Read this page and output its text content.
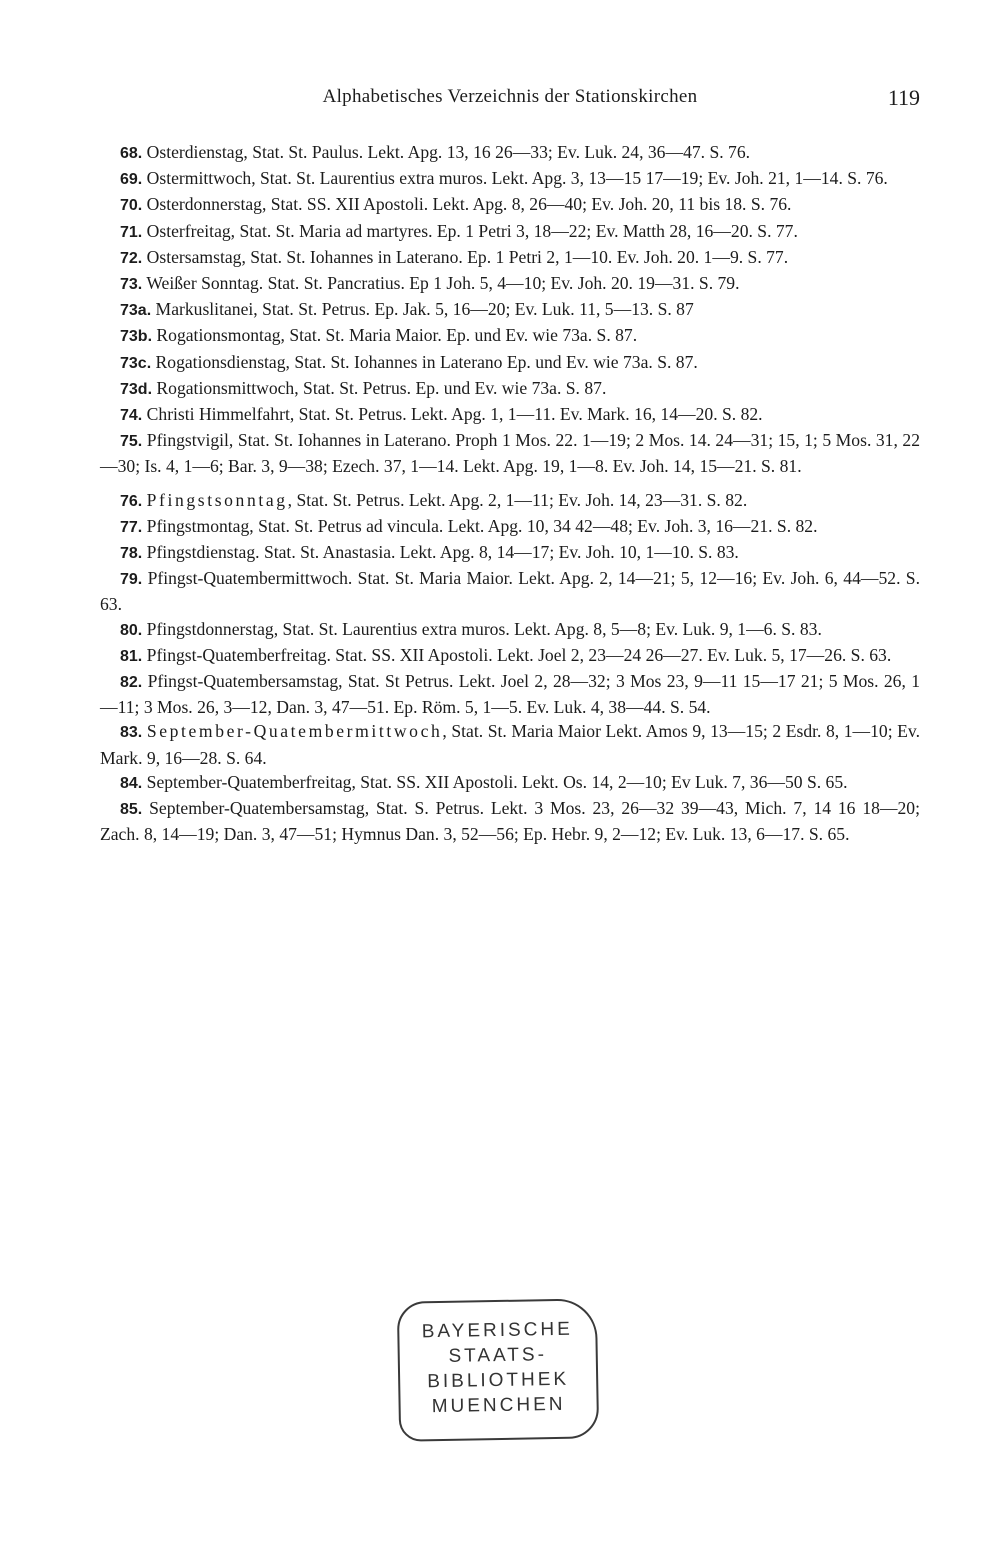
Alphabetisches Verzeichnis der Stationskirchen	119

68. Osterdienstag, Stat. St. Paulus. Lekt. Apg. 13, 16 26—33; Ev. Luk. 24, 36—47. S. 76.

69. Ostermittwoch, Stat. St. Laurentius extra muros. Lekt. Apg. 3, 13—15 17—19; Ev. Joh. 21, 1—14. S. 76.

70. Osterdonnerstag, Stat. SS. XII Apostoli. Lekt. Apg. 8, 26—40; Ev. Joh. 20, 11 bis 18. S. 76.

71. Osterfreitag, Stat. St. Maria ad martyres. Ep. 1 Petri 3, 18—22; Ev. Matth 28, 16—20. S. 77.

72. Ostersamstag, Stat. St. Iohannes in Laterano. Ep. 1 Petri 2, 1—10. Ev. Joh. 20. 1—9. S. 77.

73. Weißer Sonntag. Stat. St. Pancratius. Ep 1 Joh. 5, 4—10; Ev. Joh. 20. 19—31. S. 79.

73a. Markuslitanei, Stat. St. Petrus. Ep. Jak. 5, 16—20; Ev. Luk. 11, 5—13. S. 87

73b. Rogationsmontag, Stat. St. Maria Maior. Ep. und Ev. wie 73a. S. 87.

73c. Rogationsdienstag, Stat. St. Iohannes in Laterano Ep. und Ev. wie 73a. S. 87.

73d. Rogationsmittwoch, Stat. St. Petrus. Ep. und Ev. wie 73a. S. 87.

74. Christi Himmelfahrt, Stat. St. Petrus. Lekt. Apg. 1, 1—11. Ev. Mark. 16, 14—20. S. 82.

75. Pfingstvigil, Stat. St. Iohannes in Laterano. Proph 1 Mos. 22. 1—19; 2 Mos. 14. 24—31; 15, 1; 5 Mos. 31, 22—30; Is. 4, 1—6; Bar. 3, 9—38; Ezech. 37, 1—14. Lekt. Apg. 19, 1—8. Ev. Joh. 14, 15—21. S. 81.

76. Pfingstsonntag, Stat. St. Petrus. Lekt. Apg. 2, 1—11; Ev. Joh. 14, 23—31. S. 82.

77. Pfingstmontag, Stat. St. Petrus ad vincula. Lekt. Apg. 10, 34 42—48; Ev. Joh. 3, 16—21. S. 82.

78. Pfingstdienstag. Stat. St. Anastasia. Lekt. Apg. 8, 14—17; Ev. Joh. 10, 1—10. S. 83.

79. Pfingst-Quatembermittwoch. Stat. St. Maria Maior. Lekt. Apg. 2, 14—21; 5, 12—16; Ev. Joh. 6, 44—52. S. 63.

80. Pfingstdonnerstag, Stat. St. Laurentius extra muros. Lekt. Apg. 8, 5—8; Ev. Luk. 9, 1—6. S. 83.

81. Pfingst-Quatemberfreitag. Stat. SS. XII Apostoli. Lekt. Joel 2, 23—24 26—27. Ev. Luk. 5, 17—26. S. 63.

82. Pfingst-Quatembersamstag, Stat. St Petrus. Lekt. Joel 2, 28—32; 3 Mos 23, 9—11 15—17 21; 5 Mos. 26, 1—11; 3 Mos. 26, 3—12, Dan. 3, 47—51. Ep. Röm. 5, 1—5. Ev. Luk. 4, 38—44. S. 54.

83. September-Quatembermittwoch, Stat. St. Maria Maior Lekt. Amos 9, 13—15; 2 Esdr. 8, 1—10; Ev. Mark. 9, 16—28. S. 64.

84. September-Quatemberfreitag, Stat. SS. XII Apostoli. Lekt. Os. 14, 2—10; Ev Luk. 7, 36—50 S. 65.

85. September-Quatembersamstag, Stat. S. Petrus. Lekt. 3 Mos. 23, 26—32 39—43, Mich. 7, 14 16 18—20; Zach. 8, 14—19; Dan. 3, 47—51; Hymnus Dan. 3, 52—56; Ep. Hebr. 9, 2—12; Ev. Luk. 13, 6—17. S. 65.

BAYERISCHE
STAATS-
BIBLIOTHEK
MUENCHEN
